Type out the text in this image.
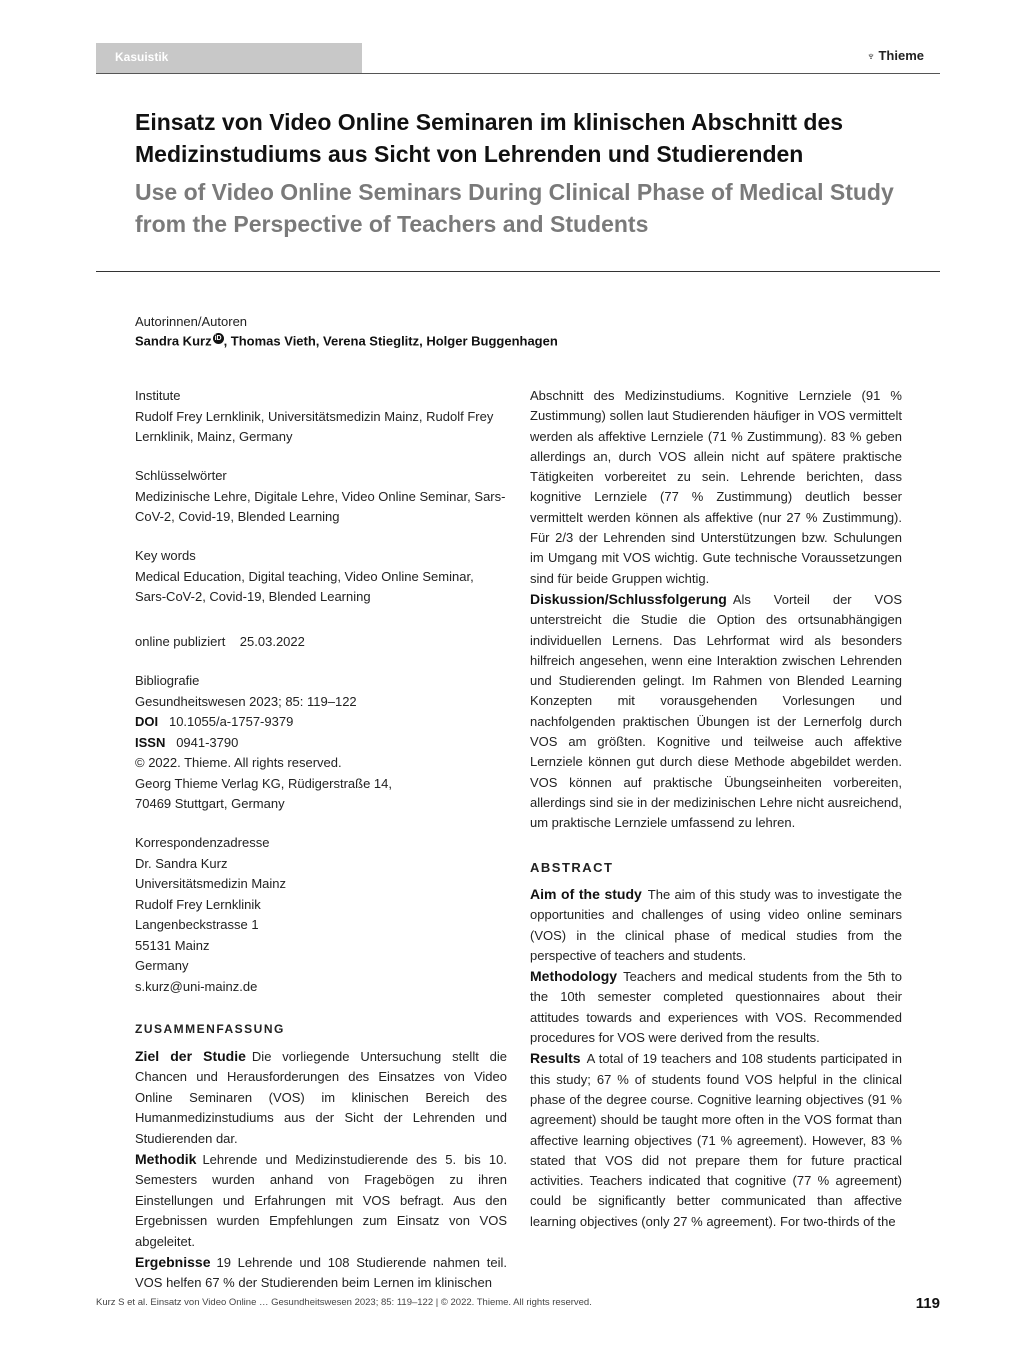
Kasuistik	♆ Thieme
Einsatz von Video Online Seminaren im klinischen Abschnitt des Medizinstudiums aus Sicht von Lehrenden und Studierenden
Use of Video Online Seminars During Clinical Phase of Medical Study from the Perspective of Teachers and Students
Autorinnen/Autoren
Sandra Kurz iD , Thomas Vieth, Verena Stieglitz, Holger Buggenhagen

Institute

Rudolf Frey Lernklinik, Universitätsmedizin Mainz, Rudolf Frey Lernklinik, Mainz, Germany

Schlüsselwörter

Medizinische Lehre, Digitale Lehre, Video Online Seminar, Sars-CoV-2, Covid-19, Blended Learning

Key words

Medical Education, Digital teaching, Video Online Seminar, Sars-CoV-2, Covid-19, Blended Learning

online publiziert 25.03.2022

Bibliografie

Gesundheitswesen 2023; 85: 119–122

DOI 10.1055/a-1757-9379

ISSN 0941-3790

© 2022. Thieme. All rights reserved.

Georg Thieme Verlag KG, Rüdigerstraße 14,

70469 Stuttgart, Germany

Korrespondenzadresse

Dr. Sandra Kurz

Universitätsmedizin Mainz

Rudolf Frey Lernklinik

Langenbeckstrasse 1

55131 Mainz

Germany

s.kurz@uni-mainz.de

ZUSAMMENFASSUNG

Ziel der Studie Die vorliegende Untersuchung stellt die Chancen und Herausforderungen des Einsatzes von Video Online Seminaren (VOS) im klinischen Bereich des Humanmedizinstudiums aus der Sicht der Lehrenden und Studierenden dar.

Methodik Lehrende und Medizinstudierende des 5. bis 10. Semesters wurden anhand von Fragebögen zu ihren Einstellungen und Erfahrungen mit VOS befragt. Aus den Ergebnissen wurden Empfehlungen zum Einsatz von VOS abgeleitet.

Ergebnisse 19 Lehrende und 108 Studierende nahmen teil. VOS helfen 67 % der Studierenden beim Lernen im klinischen

Abschnitt des Medizinstudiums. Kognitive Lernziele (91 % Zustimmung) sollen laut Studierenden häufiger in VOS vermittelt werden als affektive Lernziele (71 % Zustimmung). 83 % geben allerdings an, durch VOS allein nicht auf spätere praktische Tätigkeiten vorbereitet zu sein. Lehrende berichten, dass kognitive Lernziele (77 % Zustimmung) deutlich besser vermittelt werden können als affektive (nur 27 % Zustimmung). Für 2/3 der Lehrenden sind Unterstützungen bzw. Schulungen im Umgang mit VOS wichtig. Gute technische Voraussetzungen sind für beide Gruppen wichtig.

Diskussion/Schlussfolgerung Als Vorteil der VOS unterstreicht die Studie die Option des ortsunabhängigen individuellen Lernens. Das Lehrformat wird als besonders hilfreich angesehen, wenn eine Interaktion zwischen Lehrenden und Studierenden gelingt. Im Rahmen von Blended Learning Konzepten mit vorausgehenden Vorlesungen und nachfolgenden praktischen Übungen ist der Lernerfolg durch VOS am größten. Kognitive und teilweise auch affektive Lernziele können gut durch diese Methode abgebildet werden. VOS können auf praktische Übungseinheiten vorbereiten, allerdings sind sie in der medizinischen Lehre nicht ausreichend, um praktische Lernziele umfassend zu lehren.

ABSTRACT

Aim of the study The aim of this study was to investigate the opportunities and challenges of using video online seminars (VOS) in the clinical phase of medical studies from the perspective of teachers and students.

Methodology Teachers and medical students from the 5th to the 10th semester completed questionnaires about their attitudes towards and experiences with VOS. Recommended procedures for VOS were derived from the results.

Results A total of 19 teachers and 108 students participated in this study; 67 % of students found VOS helpful in the clinical phase of the degree course. Cognitive learning objectives (91 % agreement) should be taught more often in the VOS format than affective learning objectives (71 % agreement). However, 83 % stated that VOS did not prepare them for future practical activities. Teachers indicated that cognitive (77 % agreement) could be significantly better communicated than affective learning objectives (only 27 % agreement). For two-thirds of the

Kurz S et al. Einsatz von Video Online … Gesundheitswesen 2023; 85: 119–122 | © 2022. Thieme. All rights reserved.	119
